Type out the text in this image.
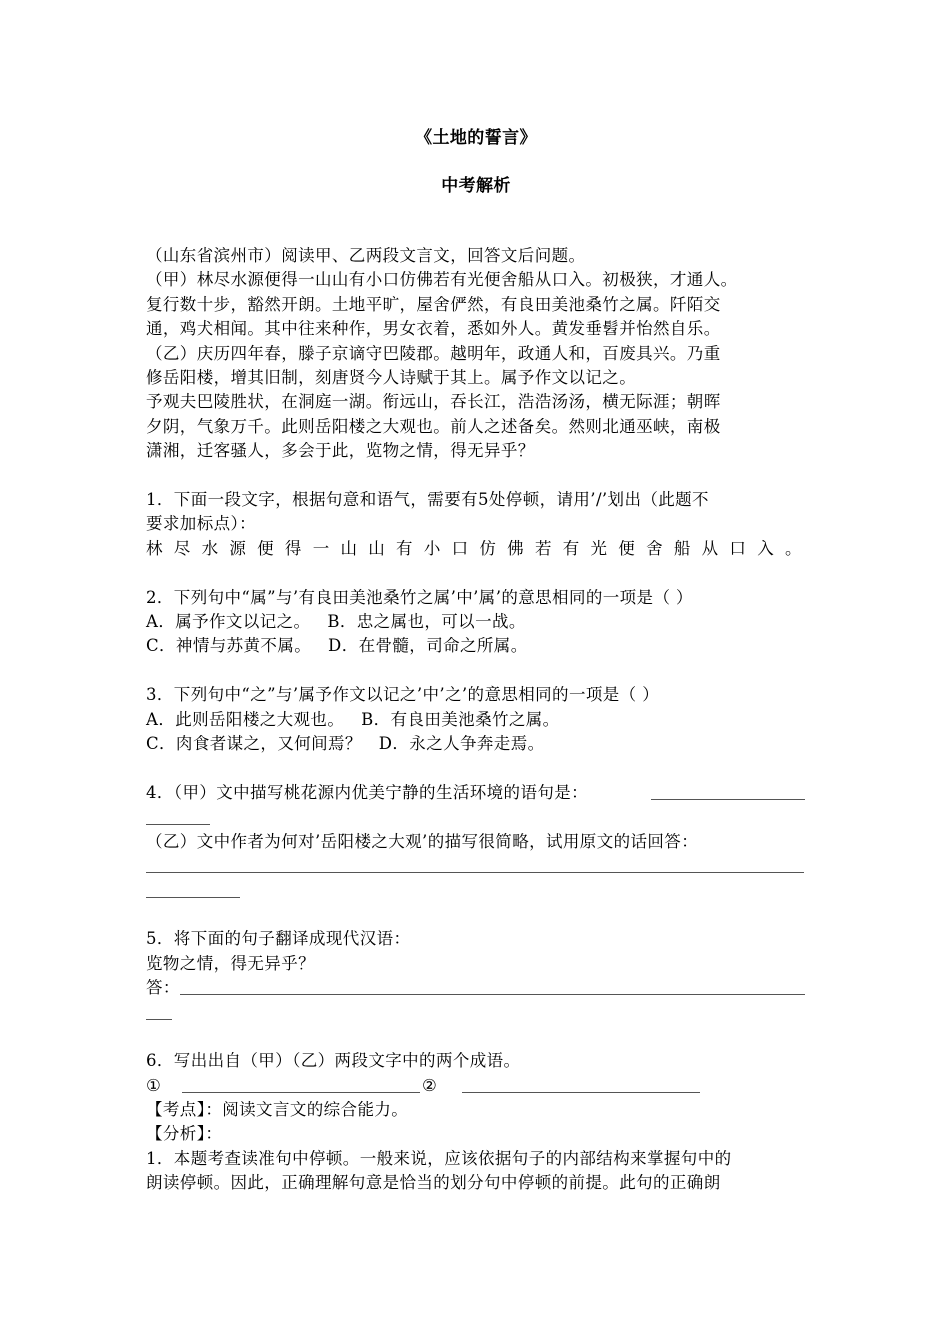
《土地的誓言》
中考解析

（山东省滨州市）阅读甲、乙两段文言文，回答文后问题。

（甲）林尽水源便得一山山有小口仿佛若有光便舍船从口入。初极狭，才通人。

复行数十步，豁然开朗。土地平旷，屋舍俨然，有良田美池桑竹之属。阡陌交

通，鸡犬相闻。其中往来种作，男女衣着，悉如外人。黄发垂髫并怡然自乐。

（乙）庆历四年春，滕子京谪守巴陵郡。越明年，政通人和，百废具兴。乃重

修岳阳楼，增其旧制，刻唐贤今人诗赋于其上。属予作文以记之。

予观夫巴陵胜状，在洞庭一湖。衔远山，吞长江，浩浩汤汤，横无际涯；朝晖

夕阴，气象万千。此则岳阳楼之大观也。前人之述备矣。然则北通巫峡，南极

潇湘，迁客骚人，多会于此，览物之情，得无异乎？

1．下面一段文字，根据句意和语气，需要有5处停顿，请用’/’划出（此题不

要求加标点）：

林 尽 水 源 便 得 一 山 山 有 小 口 仿 佛 若 有 光 便 舍 船 从 口 入 。

2．下列句中“属”与’有良田美池桑竹之属’中’属’的意思相同的一项是（ ）

A．属予作文以记之。   B．忠之属也，可以一战。

C．神情与苏黄不属。   D．在骨髓，司命之所属。

3．下列句中“之”与’属予作文以记之’中’之’的意思相同的一项是（ ）

A．此则岳阳楼之大观也。   B．有良田美池桑竹之属。

C．肉食者谋之，又何间焉？   D．永之人争奔走焉。

4．（甲）文中描写桃花源内优美宁静的生活环境的语句是：

（乙）文中作者为何对’岳阳楼之大观’的描写很简略，试用原文的话回答：

5．将下面的句子翻译成现代汉语：

览物之情，得无异乎？

答：

6．写出出自（甲）（乙）两段文字中的两个成语。

①	②

【考点】：阅读文言文的综合能力。

【分析】：

1．本题考查读准句中停顿。一般来说，应该依据句子的内部结构来掌握句中的

朗读停顿。因此，正确理解句意是恰当的划分句中停顿的前提。此句的正确朗
